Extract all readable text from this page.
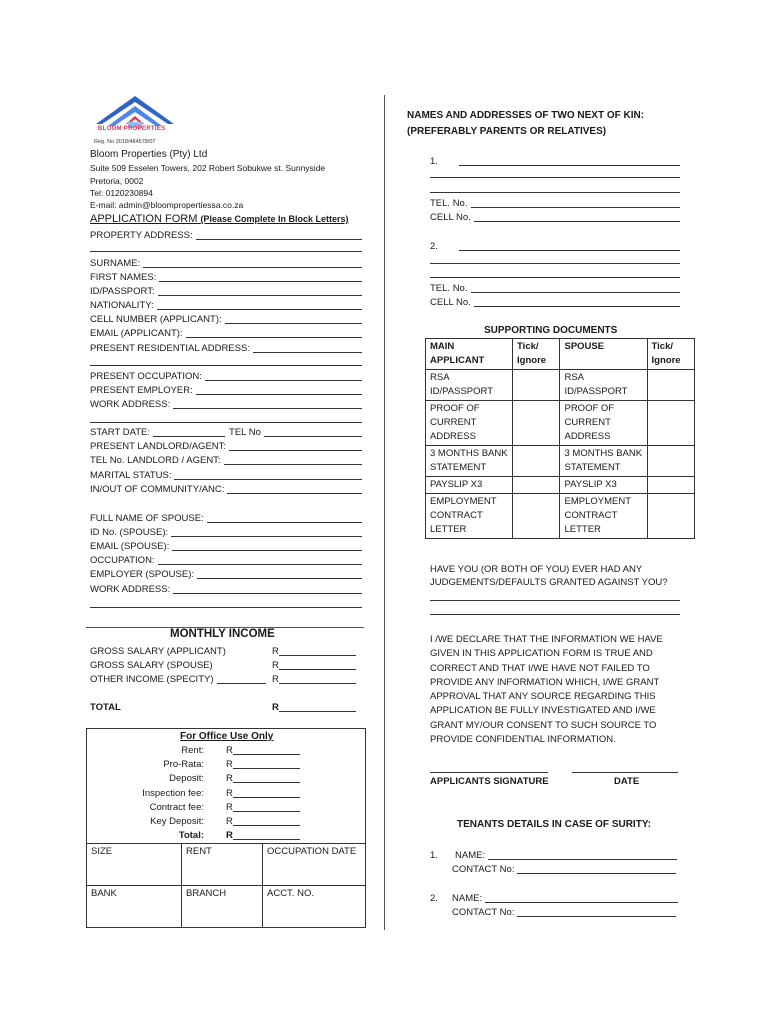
BLOOM PROPERTIES
Reg. No 2018/484578/07
Bloom Properties (Pty) Ltd
Suite 509 Esselen Towers, 202 Robert Sobukwe st. Sunnyside
Pretoria, 0002
Tel: 0120230894
E-mail: admin@bloompropertiessa.co.za
APPLICATION FORM (Please Complete In Block Letters)
PROPERTY ADDRESS:
SURNAME:
FIRST NAMES:
ID/PASSPORT:
NATIONALITY:
CELL NUMBER (APPLICANT):
EMAIL (APPLICANT):
PRESENT RESIDENTIAL ADDRESS:
PRESENT OCCUPATION:
PRESENT EMPLOYER:
WORK ADDRESS:
START DATE:	TEL No
PRESENT LANDLORD/AGENT:
TEL No. LANDLORD / AGENT:
MARITAL STATUS:
IN/OUT OF COMMUNITY/ANC:
FULL NAME OF SPOUSE:
ID No. (SPOUSE):
EMAIL (SPOUSE):
OCCUPATION:
EMPLOYER (SPOUSE):
WORK ADDRESS:
MONTHLY INCOME
GROSS SALARY (APPLICANT)	R
GROSS SALARY (SPOUSE)	R
OTHER INCOME (SPECITY)	R
TOTAL	R
For Office Use Only
Rent: R
Pro-Rata: R
Deposit: R
Inspection fee: R
Contract fee: R
Key Deposit: R
Total: R
SIZE	RENT	OCCUPATION DATE
BANK	BRANCH	ACCT. NO.
NAMES AND ADDRESSES OF TWO NEXT OF KIN:
(PREFERABLY PARENTS OR RELATIVES)
1.
TEL. No.
CELL No.
2.
TEL. No.
CELL No.
SUPPORTING DOCUMENTS
MAIN APPLICANT	Tick/ Ignore	SPOUSE	Tick/ Ignore
RSA ID/PASSPORT		RSA ID/PASSPORT	
PROOF OF CURRENT ADDRESS		PROOF OF CURRENT ADDRESS	
3 MONTHS BANK STATEMENT		3 MONTHS BANK STATEMENT	
PAYSLIP X3		PAYSLIP X3	
EMPLOYMENT CONTRACT LETTER		EMPLOYMENT CONTRACT LETTER	
HAVE YOU (OR BOTH OF YOU) EVER HAD ANY
JUDGEMENTS/DEFAULTS GRANTED AGAINST YOU?
I /WE DECLARE THAT THE INFORMATION WE HAVE
GIVEN IN THIS APPLICATION FORM IS TRUE AND
CORRECT AND THAT I/WE HAVE NOT FAILED TO
PROVIDE ANY INFORMATION WHICH, I/WE GRANT
APPROVAL THAT ANY SOURCE REGARDING THIS
APPLICATION BE FULLY INVESTIGATED AND I/WE
GRANT MY/OUR CONSENT TO SUCH SOURCE TO
PROVIDE CONFIDENTIAL INFORMATION.
APPLICANTS SIGNATURE	DATE
TENANTS DETAILS IN CASE OF SURITY:
1. NAME:
CONTACT No:
2. NAME:
CONTACT No:
